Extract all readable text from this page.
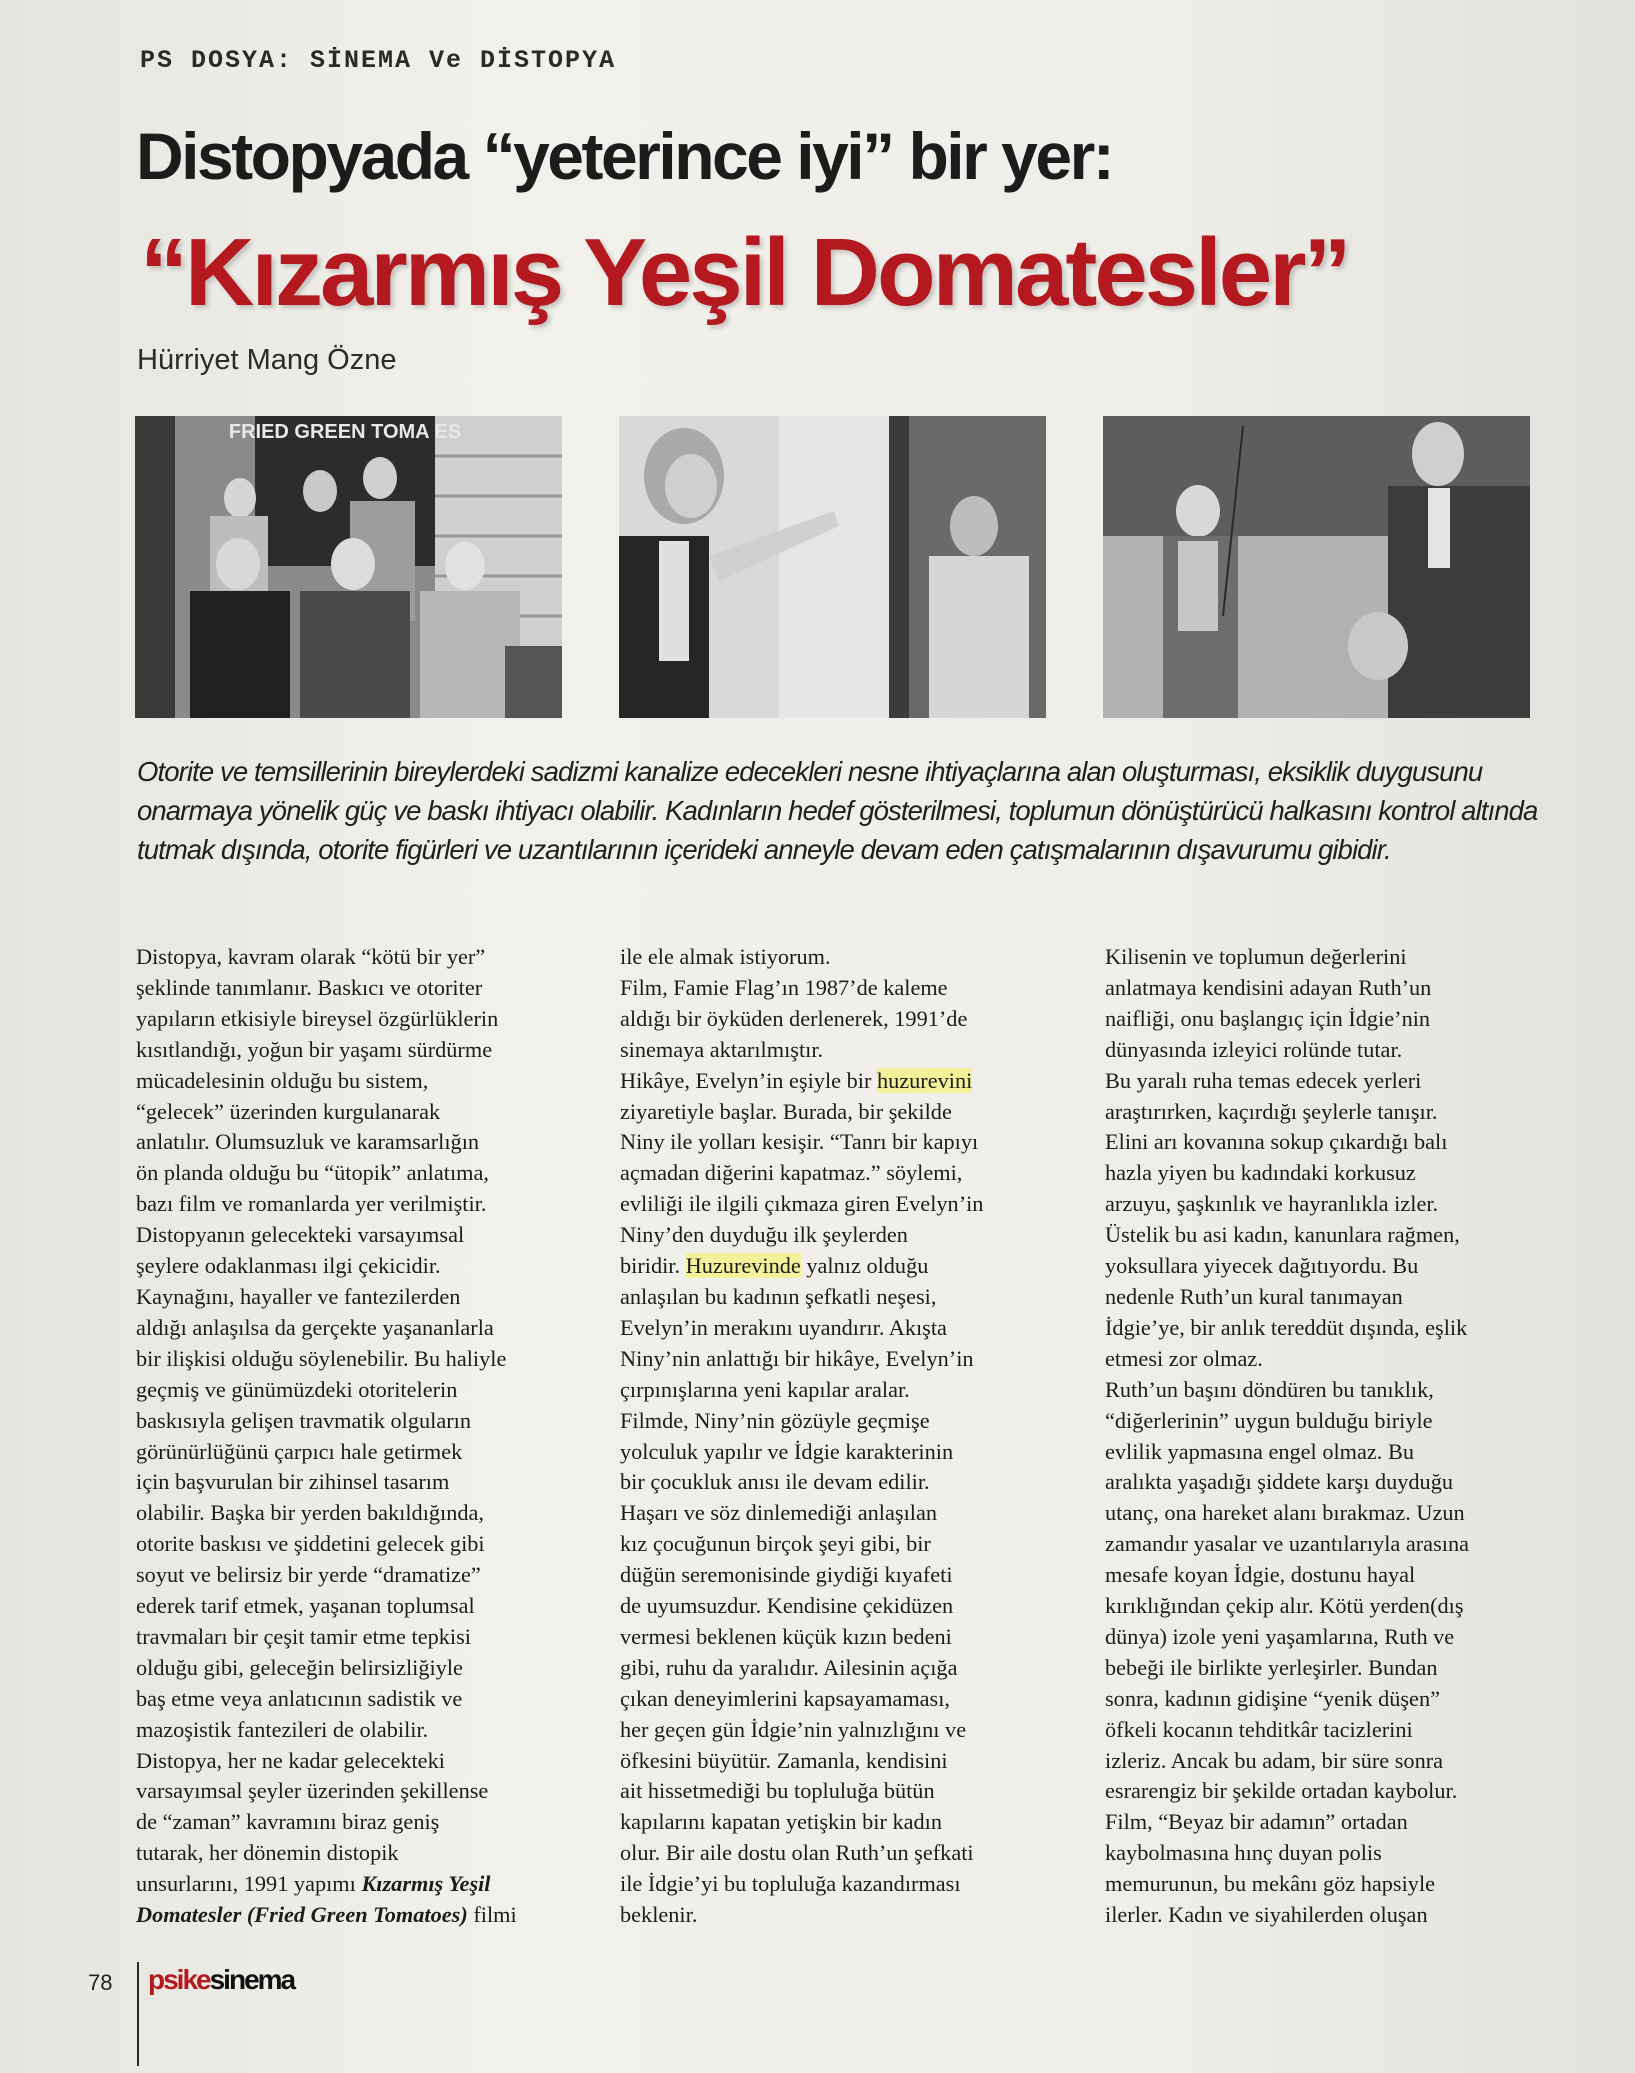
PS DOSYA: SİNEMA Ve DİSTOPYA
Distopyada “yeterince iyi” bir yer:
“Kızarmış Yeşil Domatesler”
Hürriyet Mang Özne
FRIED GREEN TOMA ES
Otorite ve temsillerinin bireylerdeki sadizmi kanalize edecekleri nesne ihtiyaçlarına alan oluşturması, eksiklik duygusunu onarmaya yönelik güç ve baskı ihtiyacı olabilir. Kadınların hedef gösterilmesi, toplumun dönüştürücü halkasını kontrol altında tutmak dışında, otorite figürleri ve uzantılarının içerideki anneyle devam eden çatışmalarının dışavurumu gibidir.

Distopya, kavram olarak “kötü bir yer”

şeklinde tanımlanır. Baskıcı ve otoriter

yapıların etkisiyle bireysel özgürlüklerin

kısıtlandığı, yoğun bir yaşamı sürdürme

mücadelesinin olduğu bu sistem,

“gelecek” üzerinden kurgulanarak

anlatılır. Olumsuzluk ve karamsarlığın

ön planda olduğu bu “ütopik” anlatıma,

bazı film ve romanlarda yer verilmiştir.

Distopyanın gelecekteki varsayımsal

şeylere odaklanması ilgi çekicidir.

Kaynağını, hayaller ve fantezilerden

aldığı anlaşılsa da gerçekte yaşananlarla

bir ilişkisi olduğu söylenebilir. Bu haliyle

geçmiş ve günümüzdeki otoritelerin

baskısıyla gelişen travmatik olguların

görünürlüğünü çarpıcı hale getirmek

için başvurulan bir zihinsel tasarım

olabilir. Başka bir yerden bakıldığında,

otorite baskısı ve şiddetini gelecek gibi

soyut ve belirsiz bir yerde “dramatize”

ederek tarif etmek, yaşanan toplumsal

travmaları bir çeşit tamir etme tepkisi

olduğu gibi, geleceğin belirsizliğiyle

baş etme veya anlatıcının sadistik ve

mazoşistik fantezileri de olabilir.

Distopya, her ne kadar gelecekteki

varsayımsal şeyler üzerinden şekillense

de “zaman” kavramını biraz geniş

tutarak, her dönemin distopik

unsurlarını, 1991 yapımı Kızarmış Yeşil

Domatesler (Fried Green Tomatoes) filmi

ile ele almak istiyorum.

Film, Famie Flag’ın 1987’de kaleme

aldığı bir öyküden derlenerek, 1991’de

sinemaya aktarılmıştır.

Hikâye, Evelyn’in eşiyle bir huzurevini

ziyaretiyle başlar. Burada, bir şekilde

Niny ile yolları kesişir. “Tanrı bir kapıyı

açmadan diğerini kapatmaz.” söylemi,

evliliği ile ilgili çıkmaza giren Evelyn’in

Niny’den duyduğu ilk şeylerden

biridir. Huzurevinde yalnız olduğu

anlaşılan bu kadının şefkatli neşesi,

Evelyn’in merakını uyandırır. Akışta

Niny’nin anlattığı bir hikâye, Evelyn’in

çırpınışlarına yeni kapılar aralar.

Filmde, Niny’nin gözüyle geçmişe

yolculuk yapılır ve İdgie karakterinin

bir çocukluk anısı ile devam edilir.

Haşarı ve söz dinlemediği anlaşılan

kız çocuğunun birçok şeyi gibi, bir

düğün seremonisinde giydiği kıyafeti

de uyumsuzdur. Kendisine çekidüzen

vermesi beklenen küçük kızın bedeni

gibi, ruhu da yaralıdır. Ailesinin açığa

çıkan deneyimlerini kapsayamaması,

her geçen gün İdgie’nin yalnızlığını ve

öfkesini büyütür. Zamanla, kendisini

ait hissetmediği bu topluluğa bütün

kapılarını kapatan yetişkin bir kadın

olur. Bir aile dostu olan Ruth’un şefkati

ile İdgie’yi bu topluluğa kazandırması

beklenir.

Kilisenin ve toplumun değerlerini

anlatmaya kendisini adayan Ruth’un

naifliği, onu başlangıç için İdgie’nin

dünyasında izleyici rolünde tutar.

Bu yaralı ruha temas edecek yerleri

araştırırken, kaçırdığı şeylerle tanışır.

Elini arı kovanına sokup çıkardığı balı

hazla yiyen bu kadındaki korkusuz

arzuyu, şaşkınlık ve hayranlıkla izler.

Üstelik bu asi kadın, kanunlara rağmen,

yoksullara yiyecek dağıtıyordu. Bu

nedenle Ruth’un kural tanımayan

İdgie’ye, bir anlık tereddüt dışında, eşlik

etmesi zor olmaz.

Ruth’un başını döndüren bu tanıklık,

“diğerlerinin” uygun bulduğu biriyle

evlilik yapmasına engel olmaz. Bu

aralıkta yaşadığı şiddete karşı duyduğu

utanç, ona hareket alanı bırakmaz. Uzun

zamandır yasalar ve uzantılarıyla arasına

mesafe koyan İdgie, dostunu hayal

kırıklığından çekip alır. Kötü yerden(dış

dünya) izole yeni yaşamlarına, Ruth ve

bebeği ile birlikte yerleşirler. Bundan

sonra, kadının gidişine “yenik düşen”

öfkeli kocanın tehditkâr tacizlerini

izleriz. Ancak bu adam, bir süre sonra

esrarengiz bir şekilde ortadan kaybolur.

Film, “Beyaz bir adamın” ortadan

kaybolmasına hınç duyan polis

memurunun, bu mekânı göz hapsiyle

ilerler. Kadın ve siyahilerden oluşan

78 psikesinema
